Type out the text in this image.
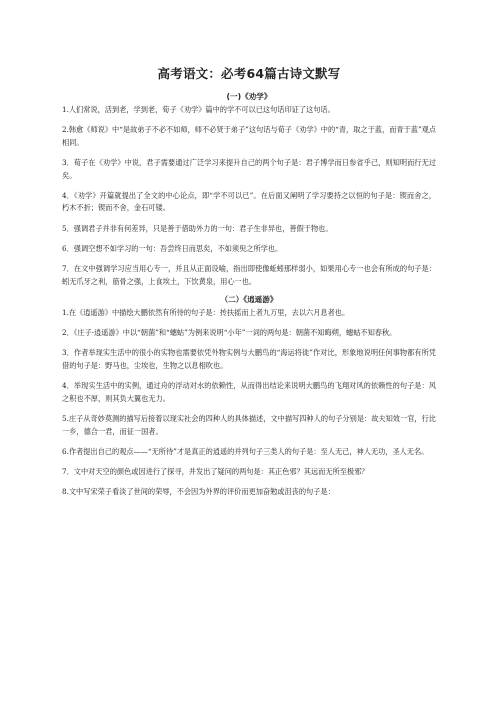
高考语文：必考64篇古诗文默写
(一)《劝学》

1.人们常说，活到老，学到老，荀子《劝学》篇中的学不可以已这句话印证了这句话。

2.韩愈《师说》中“是故弟子不必不如师，师不必贤于弟子”这句话与荀子《劝学》中的“青，取之于蓝，而青于蓝”观点相同。

3．荀子在《劝学》中说，君子需要通过广泛学习来提升自己的两个句子是：君子博学而日参省乎己，则知明而行无过矣。

4．《劝学》开篇就提出了全文的中心论点，即“学不可以已”。在后面又阐明了学习要持之以恒的句子是：锲而舍之，朽木不折；锲而不舍，金石可镂。

5．强调君子并非有何差异，只是善于借助外力的一句：君子生非异也，善假于物也。

6．强调空想不如学习的一句：吾尝终日而思矣，不如须臾之所学也。

7．在文中强调学习应当用心专一，并且从正面设喻，指出即使像蚯蚓那样弱小，如果用心专一也会有所成的句子是：蚓无爪牙之利，筋骨之强，上食埃土，下饮黄泉，用心一也。

（二）《逍遥游》

1.在《逍遥游》中描绘大鹏依然有所待的句子是：抟扶摇而上者九万里，去以六月息者也。

2．《庄子·逍遥游》中以“朝菌”和“蟪蛄”为例来说明“小年”一词的两句是：朝菌不知晦朔，蟪蛄不知春秋。

3．作者举现实生活中的很小的实物也需要依凭外物实例与大鹏鸟的“海运将徙”作对比，形象地说明任何事物都有所凭借的句子是：野马也，尘埃也，生物之以息相吹也。

4．举现实生活中的实例，通过舟的浮动对水的依赖性，从而得出结论来说明大鹏鸟的飞翔对风的依赖性的句子是：风之积也不厚，则其负大翼也无力。

5.庄子从奇妙莫测的描写后接着以现实社会的四种人的具体描述，文中描写四种人的句子分别是：故夫知效一官，行比一乡，德合一君，而征一国者。

6.作者提出自己的观点——“无所待”才是真正的逍遥的并列句子三类人的句子是：至人无己，神人无功，圣人无名。

7．文中对天空的颜色或因进行了探寻，并发出了疑问的两句是：其正色邪？其远而无所至极邪？

8.文中写宋荣子看淡了世间的荣辱，不会因为外界的评价而更加奋勉或沮丧的句子是：
